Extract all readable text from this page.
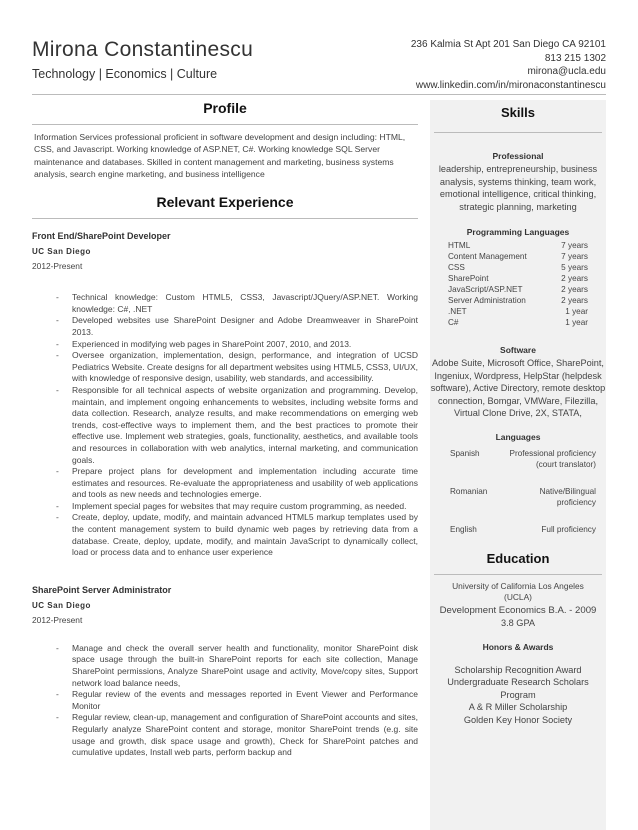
Mirona Constantinescu
Technology | Economics | Culture
236 Kalmia St Apt 201 San Diego CA 92101
813 215 1302
mirona@ucla.edu
www.linkedin.com/in/mironaconstantinescu
Profile
Information Services professional proficient in software development and design including: HTML, CSS, and Javascript. Working knowledge of ASP.NET, C#. Working knowledge SQL Server maintenance and databases. Skilled in content management and marketing, business systems analysis, search engine marketing, and business intelligence
Relevant Experience
Front End/SharePoint Developer
UC San Diego
2012-Present
- Technical knowledge: Custom HTML5, CSS3, Javascript/JQuery/ASP.NET. Working knowledge: C#, .NET
- Developed websites use SharePoint Designer and Adobe Dreamweaver in SharePoint 2013.
- Experienced in modifying web pages in SharePoint 2007, 2010, and 2013.
- Oversee organization, implementation, design, performance, and integration of UCSD Pediatrics Website. Create designs for all department websites using HTML5, CSS3, UI/UX, with knowledge of responsive design, usability, web standards, and accessibility.
- Responsible for all technical aspects of website organization and programming. Develop, maintain, and implement ongoing enhancements to websites, including website forms and data collection. Research, analyze results, and make recommendations on emerging web trends, cost-effective ways to implement them, and the best practices to promote their effective use. Implement web strategies, goals, functionality, aesthetics, and available tools and resources in collaboration with web analytics, internal marketing, and communication goals.
- Prepare project plans for development and implementation including accurate time estimates and resources. Re-evaluate the appropriateness and usability of web applications and tools as new needs and technologies emerge.
- Implement special pages for websites that may require custom programming, as needed.
- Create, deploy, update, modify, and maintain advanced HTML5 markup templates used by the content management system to build dynamic web pages by retrieving data from a database. Create, deploy, update, modify, and maintain JavaScript to dynamically collect, load or process data and to enhance user experience
SharePoint Server Administrator
UC San Diego
2012-Present
- Manage and check the overall server health and functionality, monitor SharePoint disk space usage through the built-in SharePoint reports for each site collection, Manage SharePoint permissions, Analyze SharePoint usage and activity, Move/copy sites, Support network load balance needs,
- Regular review of the events and messages reported in Event Viewer and Performance Monitor
- Regular review, clean-up, management and configuration of SharePoint accounts and sites, Regularly analyze SharePoint content and storage, monitor SharePoint trends (e.g. site usage and growth, disk space usage and growth), Check for SharePoint patches and cumulative updates, Install web parts, perform backup and
Skills
Professional
leadership, entrepreneurship, business analysis, systems thinking, team work, emotional intelligence, critical thinking, strategic planning, marketing
Programming Languages
HTML	7 years
Content Management	7 years
CSS	5 years
SharePoint	2 years
JavaScript/ASP.NET	2 years
Server Administration	2 years
.NET	1 year
C#	1 year
Software
Adobe Suite, Microsoft Office, SharePoint, Ingeniux, Wordpress, HelpStar (helpdesk software), Active Directory, remote desktop connection, Bomgar, VMWare, Filezilla, Virtual Clone Drive, 2X, STATA,
Languages
Spanish	Professional proficiency (court translator)
Romanian	Native/Bilingual proficiency
English	Full proficiency
Education
University of California Los Angeles (UCLA)
Development Economics B.A. - 2009
3.8 GPA
Honors & Awards
Scholarship Recognition Award
Undergraduate Research Scholars Program
A & R Miller Scholarship
Golden Key Honor Society
